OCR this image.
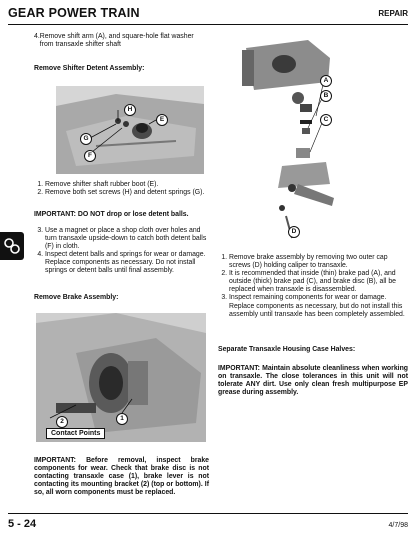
GEAR POWER TRAIN	REPAIR
4. Remove shift arm (A), and square-hole flat washer from transaxle shifter shaft
Remove Shifter Detent Assembly:
H
E
G
F
1. Remove shifter shaft rubber boot (E).
2. Remove both set screws (H) and detent springs (G).
IMPORTANT: DO NOT drop or lose detent balls.
3. Use a magnet or place a shop cloth over holes and turn transaxle upside-down to catch both detent balls (F) in cloth.
4. Inspect detent balls and springs for wear or damage. Replace components as necessary. Do not install springs or detent balls until final assembly.
Remove Brake Assembly:
2	1
Contact Points

IMPORTANT: Before removal, inspect brake components for wear. Check that brake disc is not contacting transaxle case (1), brake lever is not contacting its mounting bracket (2) (top or bottom). If so, all worn components must be replaced.

A
B
C
D
1. Remove brake assembly by removing two outer cap screws (D) holding caliper to transaxle.
2. It is recommended that inside (thin) brake pad (A), and outside (thick) brake pad (C), and brake disc (B), all be replaced when transaxle is disassembled.
3. Inspect remaining components for wear or damage. Replace components as necessary, but do not install this assembly until transaxle has been completely assembled.
Separate Transaxle Housing Case Halves:

IMPORTANT: Maintain absolute cleanliness when working on transaxle. The close tolerances in this unit will not tolerate ANY dirt. Use only clean fresh multipurpose EP grease during assembly.

5 - 24	4/7/98
